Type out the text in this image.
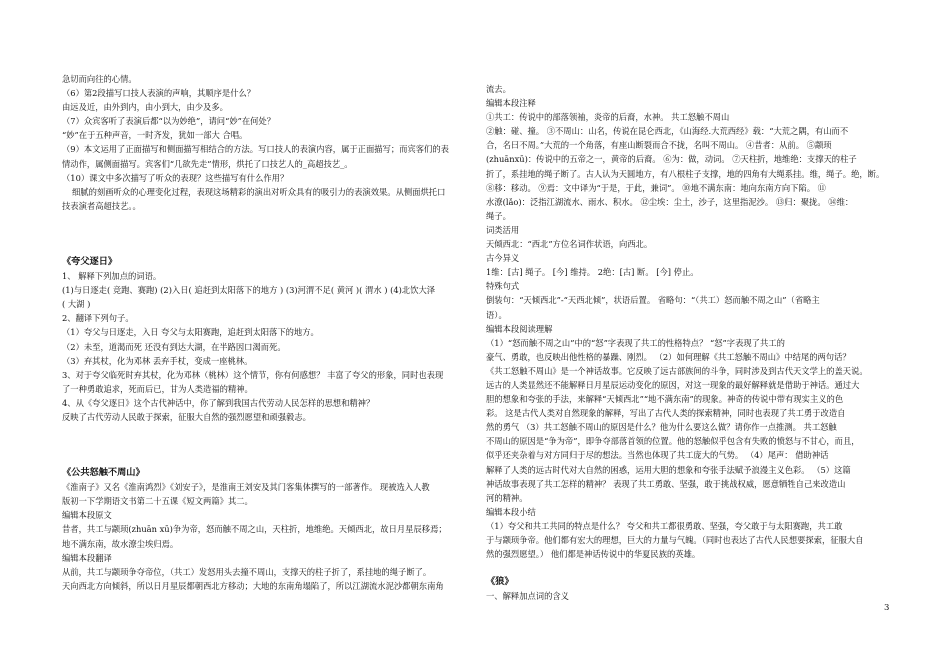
急切而向往的心情。

（6）第2段描写口技人表演的声响，其顺序是什么？

由远及近，由外到内，由小到大，由少及多。

（7）众宾客听了表演后都“以为妙绝”，请问“妙”在何处？

“妙”在于五种声音，一时齐发，犹如一部大 合唱。

（9）本文运用了正面描写和侧面描写相结合的方法。写口技人的表演内容，属于正面描写；而宾客们的表

情动作，属侧面描写。宾客们“几欲先走”情形，烘托了口技艺人的_高超技艺_。

（10）课文中多次描写了听众的表现？这些描写有什么作用？

细腻的刻画听众的心理变化过程，表现这场精彩的演出对听众具有的吸引力的表演效果。从侧面烘托口

技表演者高超技艺。。

《夸父逐日》

1、 解释下列加点的词语。

(1)与日逐走( 竞跑、赛跑) (2)入日( 追赶到太阳落下的地方 ) (3)河渭不足( 黄河 )( 渭水 ) (4)北饮大泽

( 大湖 )

2、翻译下列句子。

（1）夸父与日逐走，入日 夸父与太阳赛跑，追赶到太阳落下的地方。

（2）未至，道渴而死 还没有到达大湖，在半路因口渴而死。

（3）弃其杖，化为邓林 丢弃手杖，变成一座桃林。

3、对于夸父临死时弃其杖，化为邓林（桃林）这个情节，你有何感想？ 丰富了夸父的形象，同时也表现

了一种勇敢追求，死而后已，甘为人类造福的精神。

4、从《夸父逐日》这个古代神话中，你了解到我国古代劳动人民怎样的思想和精神？

反映了古代劳动人民敢于探索，征服大自然的强烈愿望和顽强毅志。

《公共怒触不周山》

《淮南子》又名《淮南鸿烈》《刘安子》，是淮南王刘安及其门客集体撰写的一部著作。 现被选入人教

版初一下学期语文书第二十五课《短文两篇》其二。

编辑本段原文

昔者，共工与颛顼(zhuān xū)争为帝，怒而触不周之山，天柱折，地维绝。天倾西北，故日月星辰移焉；

地不满东南，故水潦尘埃归焉。

编辑本段翻译

从前，共工与颛顼争夺帝位，（共工）发怒用头去撞不周山，支撑天的柱子折了，系挂地的绳子断了。

天向西北方向倾斜，所以日月星辰都朝西北方移动；大地的东南角塌陷了，所以江湖流水泥沙都朝东南角

流去。

编辑本段注释

①共工：传说中的部落领袖，炎帝的后裔，水神。 共工怒触不周山

②触：碰、撞。 ③不周山：山名，传说在昆仑西北，《山海经.大荒西经》载：“大荒之隅，有山而不

合，名曰不周。”大荒的一个角落，有座山断裂而合不拢，名叫不周山。 ④昔者：从前。 ⑤颛顼

(zhuānxū)：传说中的五帝之一，黄帝的后裔。 ⑥为：做，动词。 ⑦天柱折，地维绝：支撑天的柱子

折了，系挂地的绳子断了。古人认为天圆地方，有八根柱子支撑，地的四角有大绳系挂。维，绳子。绝，断。

⑧移：移动。 ⑨焉：文中译为“于是，于此，兼词”。 ⑩地不满东南：地向东南方向下陷。 ⑪

水潦(lǎo)：泛指江湖流水、雨水、积水。 ⑫尘埃：尘土，沙子，这里指泥沙。 ⑬归：聚拢。 ⑭维：

绳子。

词类活用

天倾西北：“西北”方位名词作状语，向西北。

古今异义

1维：[古] 绳子。 [今] 维持。 2绝：[古] 断。 [今] 停止。

特殊句式

倒装句：“天倾西北”-“天西北倾”，状语后置。 省略句：“（共工）怒而触不周之山”（省略主

语）。

编辑本段阅读理解

（1）“怒而触不周之山”中的“怒”字表现了共工的性格特点？ “怒”字表现了共工的

豪气、勇敢，也反映出他性格的暴躁、刚烈。 （2）如何理解《共工怒触不周山》中结尾的两句话？

《共工怒触不周山》是一个神话故事。它反映了远古部族间的斗争，同时涉及到古代天文学上的盖天说。

远古的人类显然还不能解释日月星辰运动变化的原因，对这一现象的最好解释就是借助于神话。通过大

胆的想象和夸张的手法，来解释“天倾西北”“地不满东南”的现象。神奇的传说中带有现实主义的色

彩。 这是古代人类对自然现象的解释，写出了古代人类的探索精神，同时也表现了共工勇于改造自

然的勇气 （3）共工怒触不周山的原因是什么？他为什么要这么做？请你作一点推测。 共工怒触

不周山的原因是“争为帝”，即争夺部落首领的位置。他的怒触似乎包含有失败的愤怒与不甘心，而且，

似乎还夹杂着与对方同归于尽的想法。当然也体现了共工庞大的气势。 （4）尾声： 借助神话

解释了人类的远古时代对大自然的困惑，运用大胆的想象和夸张手法赋予浪漫主义色彩。 （5）这篇

神话故事表现了共工怎样的精神？ 表现了共工勇敢、坚强，敢于挑战权威，愿意牺牲自己来改造山

河的精神。

编辑本段小结

（1）夸父和共工共同的特点是什么？ 夸父和共工都很勇敢、坚强，夸父敢于与太阳赛跑，共工敢

于与颛顼争帝。他们都有宏大的理想，巨大的力量与气魄。（同时也表达了古代人民想要探索，征服大自

然的强烈愿望。） 他们都是神话传说中的华夏民族的英雄。

《狼》

一、解释加点词的含义

3
